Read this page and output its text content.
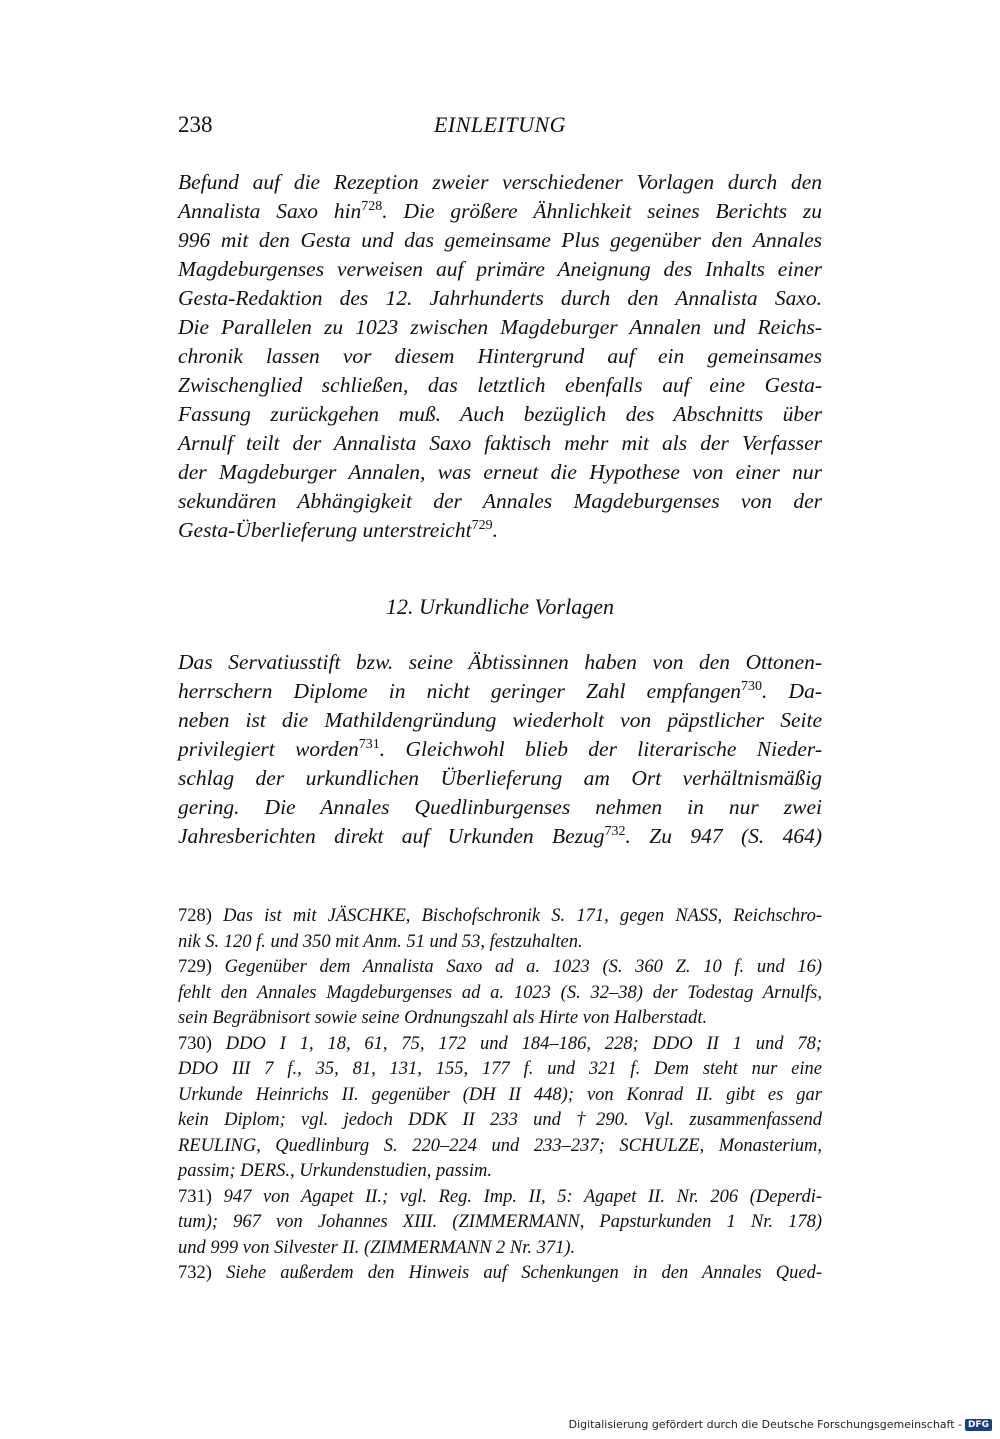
238	EINLEITUNG
Befund auf die Rezeption zweier verschiedener Vorlagen durch den
Annalista Saxo hin$^{728}$. Die größere Ähnlichkeit seines Berichts zu
996 mit den Gesta und das gemeinsame Plus gegenüber den Annales
Magdeburgenses verweisen auf primäre Aneignung des Inhalts einer
Gesta-Redaktion des 12. Jahrhunderts durch den Annalista Saxo.
Die Parallelen zu 1023 zwischen Magdeburger Annalen und Reichs-
chronik lassen vor diesem Hintergrund auf ein gemeinsames
Zwischenglied schließen, das letztlich ebenfalls auf eine Gesta-
Fassung zurückgehen muß. Auch bezüglich des Abschnitts über
Arnulf teilt der Annalista Saxo faktisch mehr mit als der Verfasser
der Magdeburger Annalen, was erneut die Hypothese von einer nur
sekundären Abhängigkeit der Annales Magdeburgenses von der
Gesta-Überlieferung unterstreicht$^{729}$.
12. Urkundliche Vorlagen
Das Servatiusstift bzw. seine Äbtissinnen haben von den Ottonen-
herrschern Diplome in nicht geringer Zahl empfangen$^{730}$. Da-
neben ist die Mathildengründung wiederholt von päpstlicher Seite
privilegiert worden$^{731}$. Gleichwohl blieb der literarische Nieder-
schlag der urkundlichen Überlieferung am Ort verhältnismäßig
gering. Die Annales Quedlinburgenses nehmen in nur zwei
Jahresberichten direkt auf Urkunden Bezug$^{732}$. Zu 947 (S. 464)
728) Das ist mit JÄSCHKE, Bischofschronik S. 171, gegen NASS, Reichschro-
nik S. 120 f. und 350 mit Anm. 51 und 53, festzuhalten.
729) Gegenüber dem Annalista Saxo ad a. 1023 (S. 360 Z. 10 f. und 16)
fehlt den Annales Magdeburgenses ad a. 1023 (S. 32–38) der Todestag Arnulfs,
sein Begräbnisort sowie seine Ordnungszahl als Hirte von Halberstadt.
730) DDO I 1, 18, 61, 75, 172 und 184–186, 228; DDO II 1 und 78;
DDO III 7 f., 35, 81, 131, 155, 177 f. und 321 f. Dem steht nur eine
Urkunde Heinrichs II. gegenüber (DH II 448); von Konrad II. gibt es gar
kein Diplom; vgl. jedoch DDK II 233 und †290. Vgl. zusammenfassend
REULING, Quedlinburg S. 220–224 und 233–237; SCHULZE, Monasterium,
passim; DERS., Urkundenstudien, passim.
731) 947 von Agapet II.; vgl. Reg. Imp. II, 5: Agapet II. Nr. 206 (Deperdi-
tum); 967 von Johannes XIII. (ZIMMERMANN, Papsturkunden 1 Nr. 178)
und 999 von Silvester II. (ZIMMERMANN 2 Nr. 371).
732) Siehe außerdem den Hinweis auf Schenkungen in den Annales Qued-
Digitalisierung gefördert durch die Deutsche Forschungsgemeinschaft - DFG
